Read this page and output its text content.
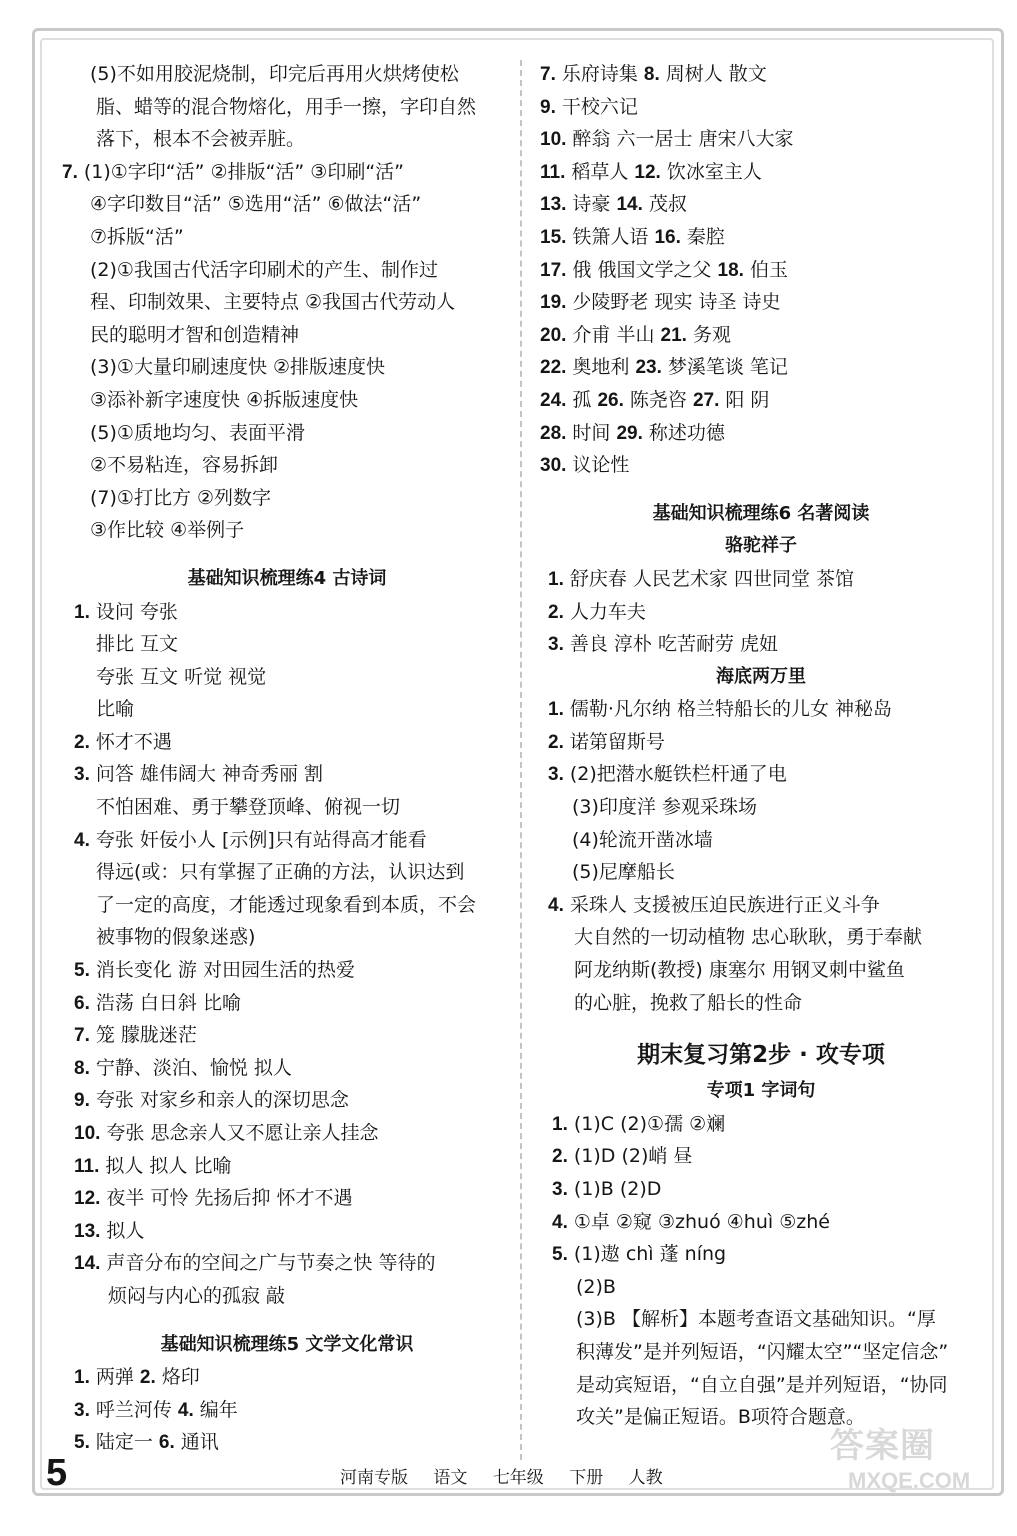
(5)不如用胶泥烧制，印完后再用火烘烤使松
脂、蜡等的混合物熔化，用手一擦，字印自然
落下，根本不会被弄脏。
7. (1)①字印“活” ②排版“活” ③印刷“活”
④字印数目“活” ⑤选用“活” ⑥做法“活”
⑦拆版“活”
(2)①我国古代活字印刷术的产生、制作过
程、印制效果、主要特点 ②我国古代劳动人
民的聪明才智和创造精神
(3)①大量印刷速度快 ②排版速度快
③添补新字速度快 ④拆版速度快
(5)①质地均匀、表面平滑
②不易粘连，容易拆卸
(7)①打比方 ②列数字
③作比较 ④举例子
基础知识梳理练4 古诗词
1. 设问 夸张
排比 互文
夸张 互文 听觉 视觉
比喻
2. 怀才不遇
3. 问答 雄伟阔大 神奇秀丽 割
不怕困难、勇于攀登顶峰、俯视一切
4. 夸张 奸佞小人 [示例]只有站得高才能看
得远(或：只有掌握了正确的方法，认识达到
了一定的高度，才能透过现象看到本质，不会
被事物的假象迷惑)
5. 消长变化 游 对田园生活的热爱
6. 浩荡 白日斜 比喻
7. 笼 朦胧迷茫
8. 宁静、淡泊、愉悦 拟人
9. 夸张 对家乡和亲人的深切思念
10. 夸张 思念亲人又不愿让亲人挂念
11. 拟人 拟人 比喻
12. 夜半 可怜 先扬后抑 怀才不遇
13. 拟人
14. 声音分布的空间之广与节奏之快 等待的
烦闷与内心的孤寂 敲
基础知识梳理练5 文学文化常识
1. 两弹 2. 烙印
3. 呼兰河传 4. 编年
5. 陆定一 6. 通讯
7. 乐府诗集 8. 周树人 散文
9. 干校六记
10. 醉翁 六一居士 唐宋八大家
11. 稻草人 12. 饮冰室主人
13. 诗豪 14. 茂叔
15. 铁箫人语 16. 秦腔
17. 俄 俄国文学之父 18. 伯玉
19. 少陵野老 现实 诗圣 诗史
20. 介甫 半山 21. 务观
22. 奥地利 23. 梦溪笔谈 笔记
24. 孤 26. 陈尧咨 27. 阳 阴
28. 时间 29. 称述功德
30. 议论性
基础知识梳理练6 名著阅读
骆驼祥子
1. 舒庆春 人民艺术家 四世同堂 茶馆
2. 人力车夫
3. 善良 淳朴 吃苦耐劳 虎妞
海底两万里
1. 儒勒·凡尔纳 格兰特船长的儿女 神秘岛
2. 诺第留斯号
3. (2)把潜水艇铁栏杆通了电
(3)印度洋 参观采珠场
(4)轮流开凿冰墙
(5)尼摩船长
4. 采珠人 支援被压迫民族进行正义斗争
大自然的一切动植物 忠心耿耿，勇于奉献
阿龙纳斯(教授) 康塞尔 用钢叉刺中鲨鱼
的心脏，挽救了船长的性命
期末复习第2步 · 攻专项
专项1 字词句
1. (1)C (2)①孺 ②斓
2. (1)D (2)峭 昼
3. (1)B (2)D
4. ①卓 ②窥 ③zhuó ④huì ⑤zhé
5. (1)遨 chì 蓬 níng
(2)B
(3)B 【解析】本题考查语文基础知识。“厚
积薄发”是并列短语，“闪耀太空”“坚定信念”
是动宾短语，“自立自强”是并列短语，“协同
攻关”是偏正短语。B项符合题意。
5	河南专版 语文 七年级 下册 人教
答案圈
MXQE.COM
